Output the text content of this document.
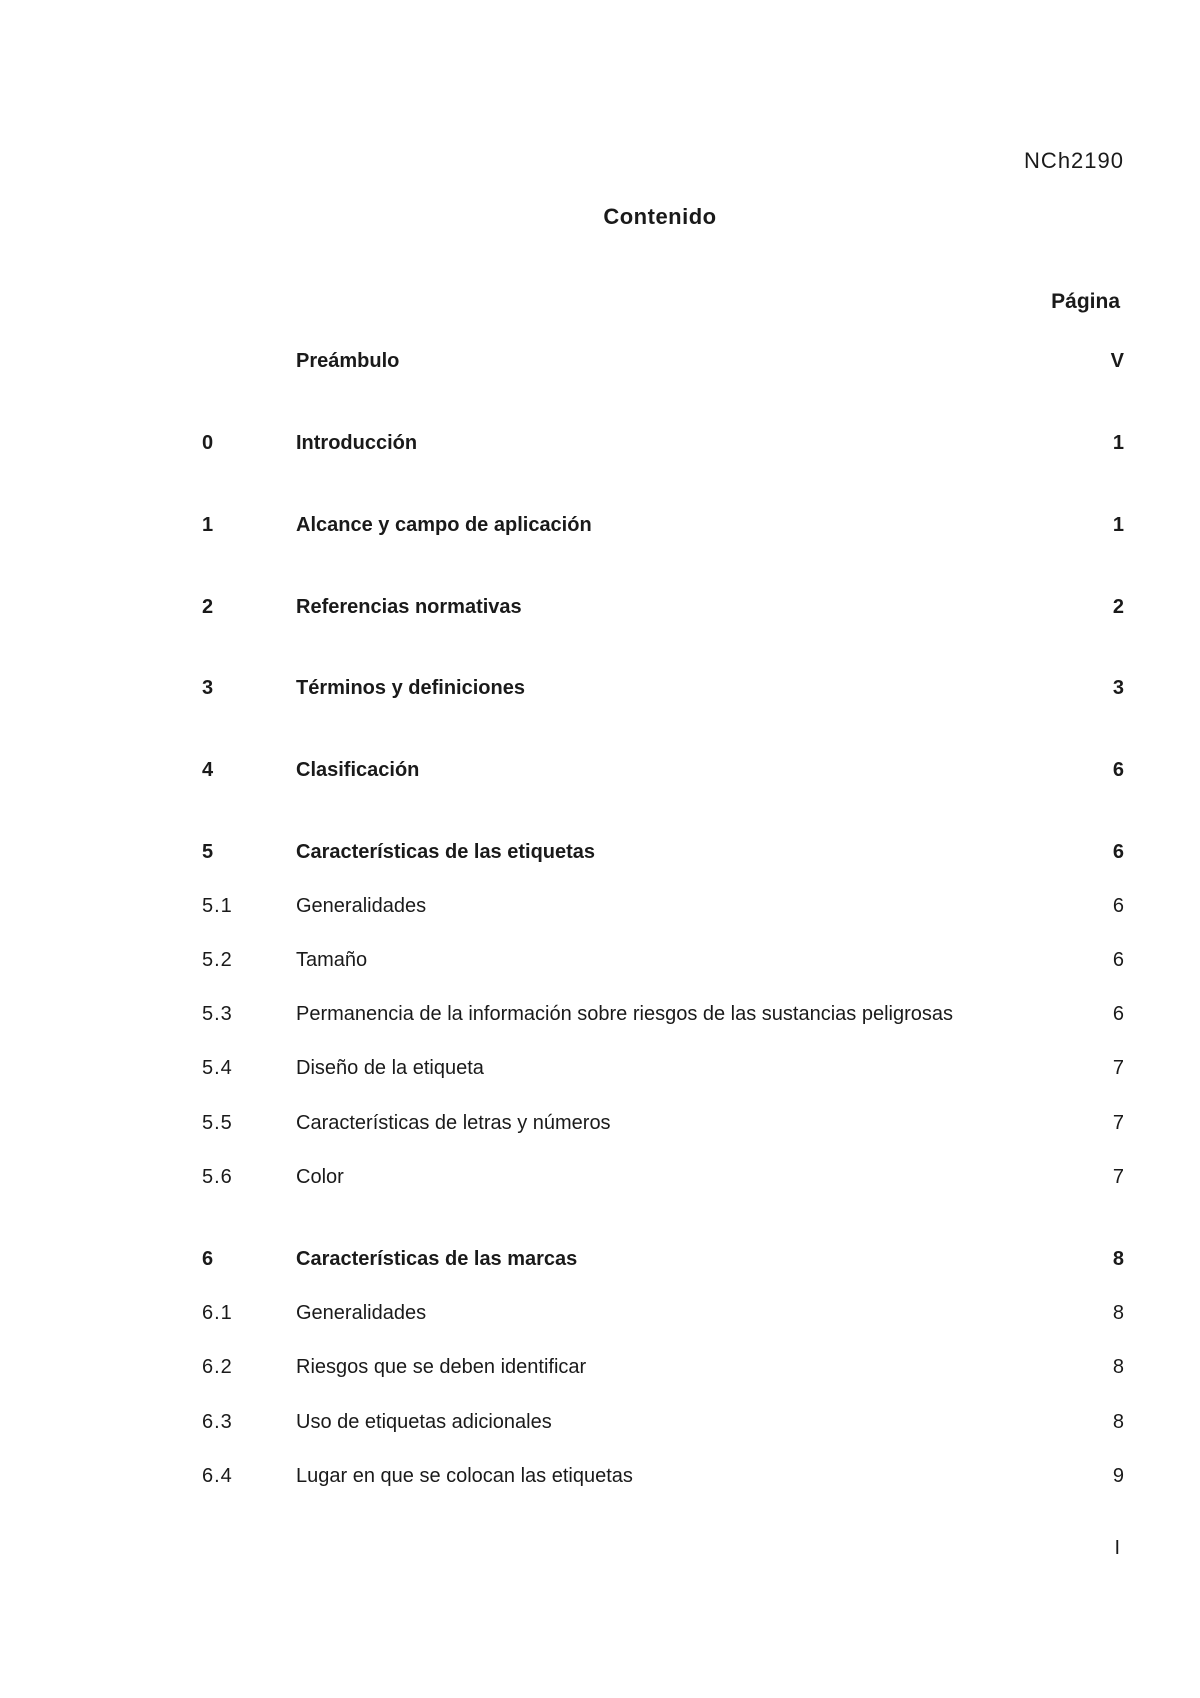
NCh2190
Contenido
Página
Preámbulo	V
0	Introducción	1
1	Alcance y campo de aplicación	1
2	Referencias normativas	2
3	Términos y definiciones	3
4	Clasificación	6
5	Características de las etiquetas	6
5.1	Generalidades	6
5.2	Tamaño	6
5.3	Permanencia de la información sobre riesgos de las sustancias peligrosas	6
5.4	Diseño de la etiqueta	7
5.5	Características de letras y números	7
5.6	Color	7
6	Características de las marcas	8
6.1	Generalidades	8
6.2	Riesgos que se deben identificar	8
6.3	Uso de etiquetas adicionales	8
6.4	Lugar en que se colocan las etiquetas	9
I
